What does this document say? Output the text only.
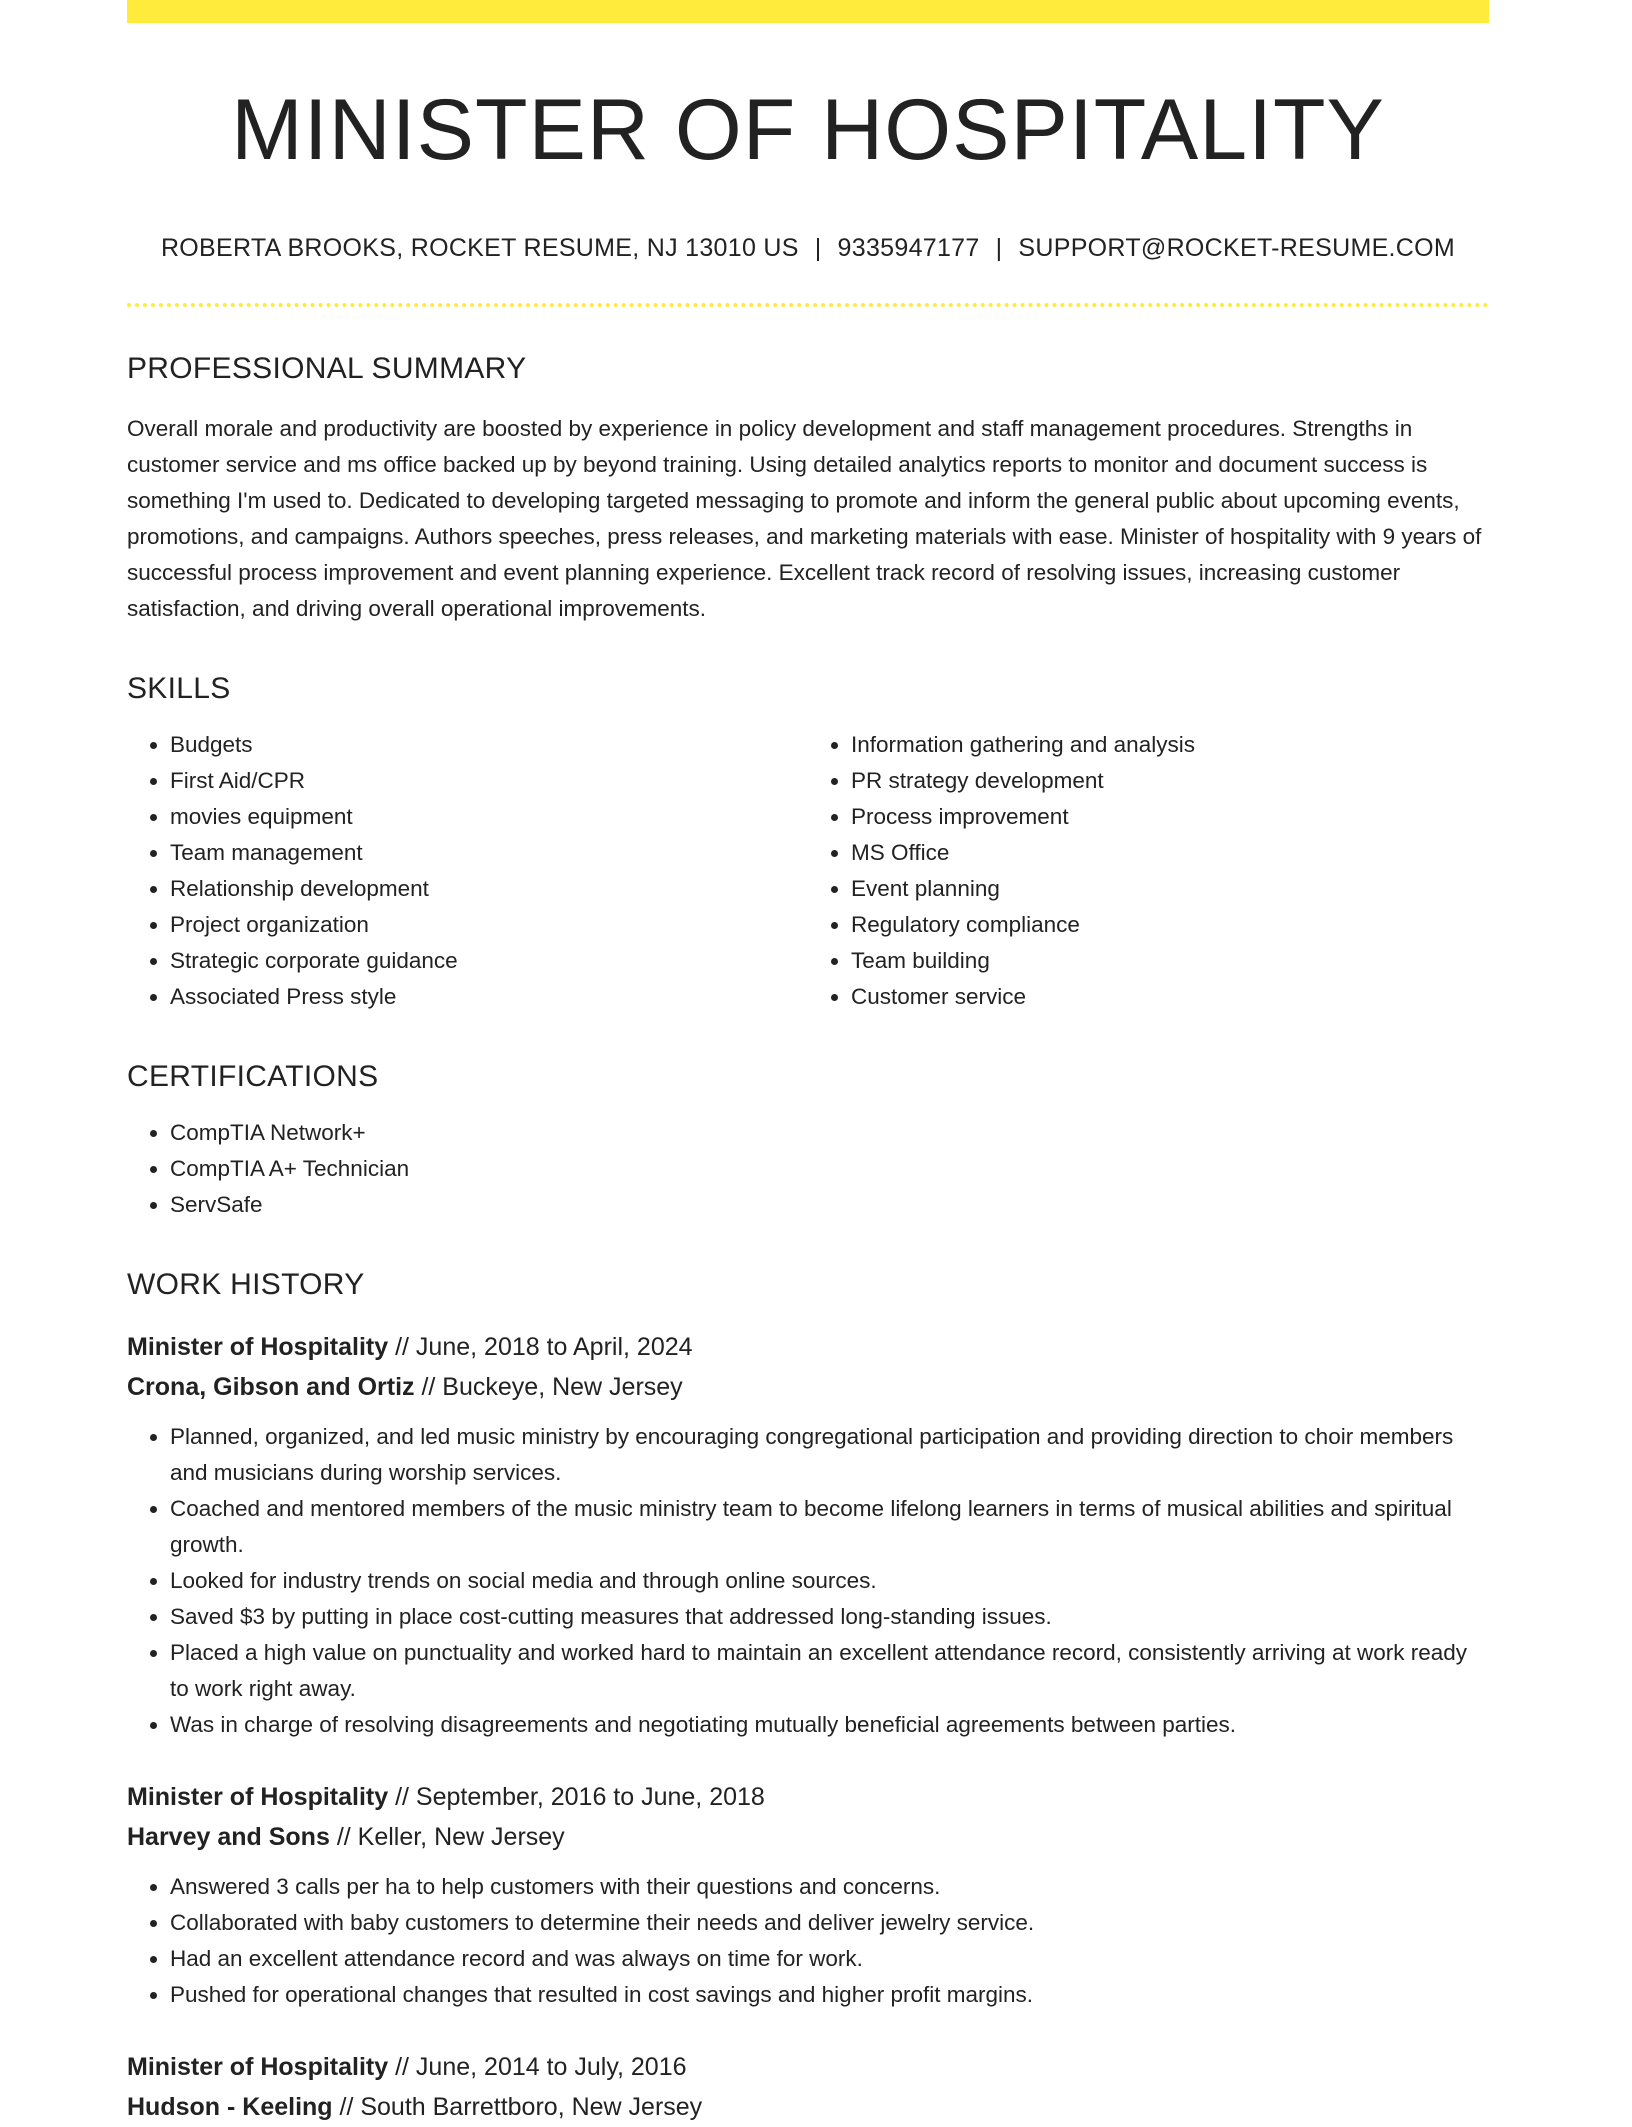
MINISTER OF HOSPITALITY
ROBERTA BROOKS, ROCKET RESUME, NJ 13010 US | 9335947177 | SUPPORT@ROCKET-RESUME.COM
PROFESSIONAL SUMMARY

Overall morale and productivity are boosted by experience in policy development and staff management procedures. Strengths in customer service and ms office backed up by beyond training. Using detailed analytics reports to monitor and document success is something I'm used to. Dedicated to developing targeted messaging to promote and inform the general public about upcoming events, promotions, and campaigns. Authors speeches, press releases, and marketing materials with ease. Minister of hospitality with 9 years of successful process improvement and event planning experience. Excellent track record of resolving issues, increasing customer satisfaction, and driving overall operational improvements.

SKILLS
• Budgets
• First Aid/CPR
• movies equipment
• Team management
• Relationship development
• Project organization
• Strategic corporate guidance
• Associated Press style
• Information gathering and analysis
• PR strategy development
• Process improvement
• MS Office
• Event planning
• Regulatory compliance
• Team building
• Customer service
CERTIFICATIONS
• CompTIA Network+
• CompTIA A+ Technician
• ServSafe
WORK HISTORY
Minister of Hospitality // June, 2018 to April, 2024
Crona, Gibson and Ortiz // Buckeye, New Jersey
• Planned, organized, and led music ministry by encouraging congregational participation and providing direction to choir members and musicians during worship services.
• Coached and mentored members of the music ministry team to become lifelong learners in terms of musical abilities and spiritual growth.
• Looked for industry trends on social media and through online sources.
• Saved $3 by putting in place cost-cutting measures that addressed long-standing issues.
• Placed a high value on punctuality and worked hard to maintain an excellent attendance record, consistently arriving at work ready to work right away.
• Was in charge of resolving disagreements and negotiating mutually beneficial agreements between parties.
Minister of Hospitality // September, 2016 to June, 2018
Harvey and Sons // Keller, New Jersey
• Answered 3 calls per ha to help customers with their questions and concerns.
• Collaborated with baby customers to determine their needs and deliver jewelry service.
• Had an excellent attendance record and was always on time for work.
• Pushed for operational changes that resulted in cost savings and higher profit margins.
Minister of Hospitality // June, 2014 to July, 2016
Hudson - Keeling // South Barrettboro, New Jersey
